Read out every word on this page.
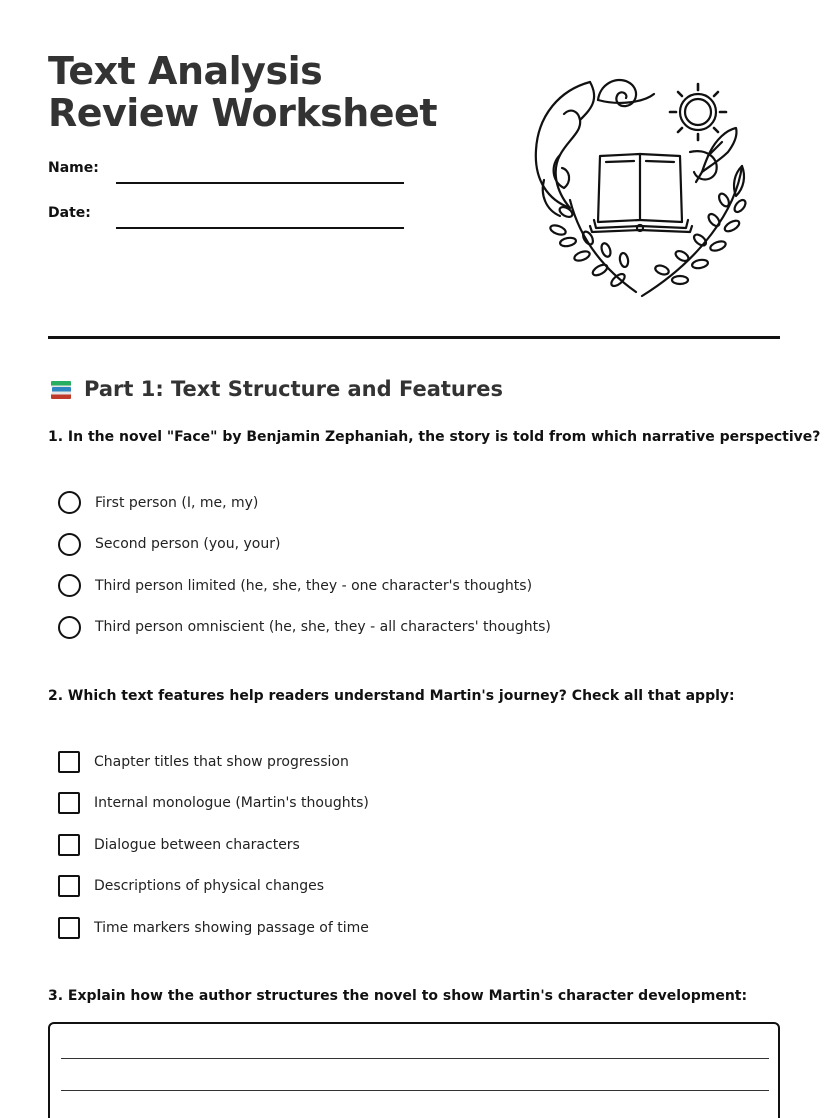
Text Analysis Review Worksheet
Name:
Date:
Part 1: Text Structure and Features

1. In the novel "Face" by Benjamin Zephaniah, the story is told from which narrative perspective?

First person (I, me, my)
Second person (you, your)
Third person limited (he, she, they - one character's thoughts)
Third person omniscient (he, she, they - all characters' thoughts)

2. Which text features help readers understand Martin's journey? Check all that apply:

Chapter titles that show progression
Internal monologue (Martin's thoughts)
Dialogue between characters
Descriptions of physical changes
Time markers showing passage of time

3. Explain how the author structures the novel to show Martin's character development:
